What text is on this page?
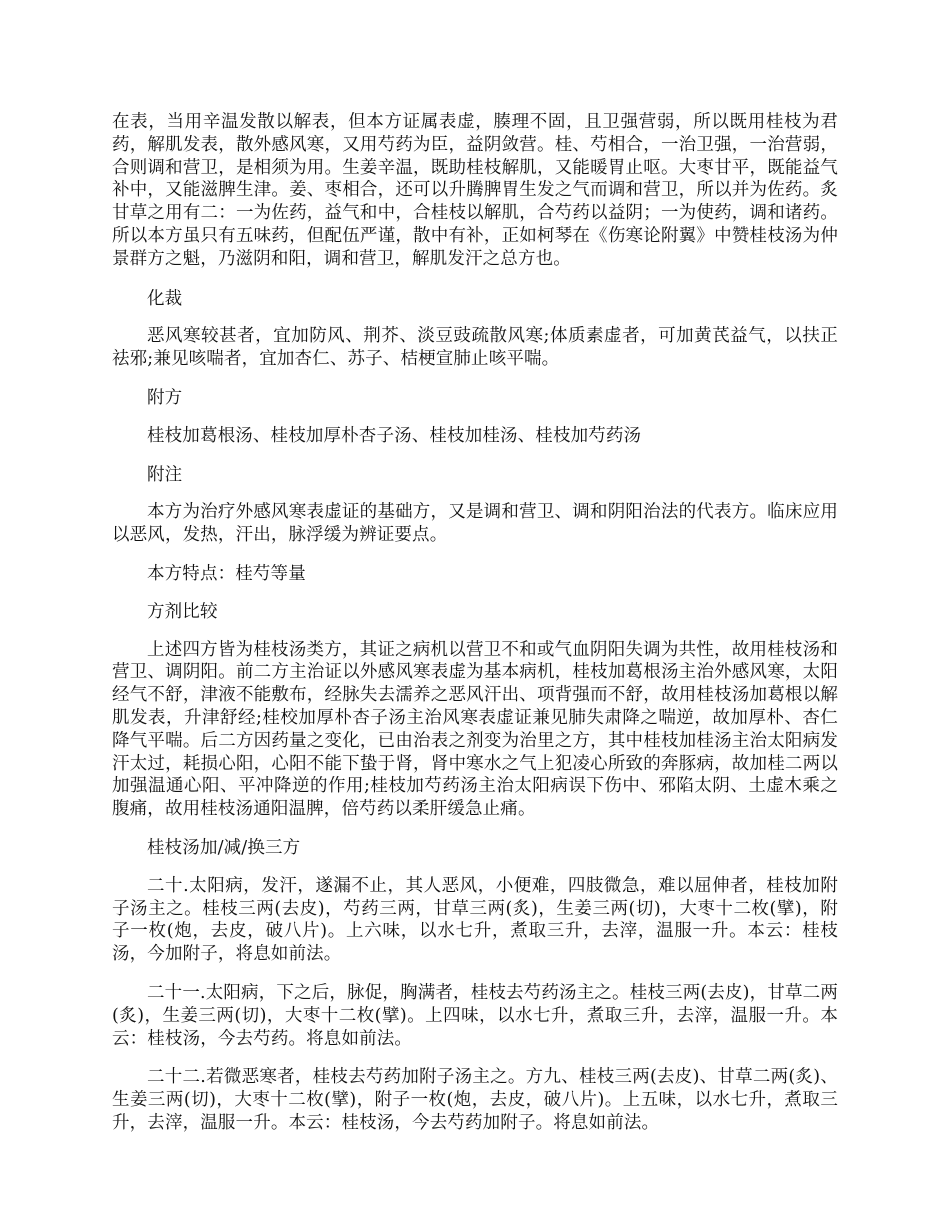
在表，当用辛温发散以解表，但本方证属表虚，腠理不固，且卫强营弱，所以既用桂枝为君药，解肌发表，散外感风寒，又用芍药为臣，益阴敛营。桂、芍相合，一治卫强，一治营弱，合则调和营卫，是相须为用。生姜辛温，既助桂枝解肌，又能暖胃止呕。大枣甘平，既能益气补中，又能滋脾生津。姜、枣相合，还可以升腾脾胃生发之气而调和营卫，所以并为佐药。炙甘草之用有二：一为佐药，益气和中，合桂枝以解肌，合芍药以益阴；一为使药，调和诸药。所以本方虽只有五味药，但配伍严谨，散中有补，正如柯琴在《伤寒论附翼》中赞桂枝汤为仲景群方之魁，乃滋阴和阳，调和营卫，解肌发汗之总方也。

化裁

恶风寒较甚者，宜加防风、荆芥、淡豆豉疏散风寒;体质素虚者，可加黄芪益气，以扶正祛邪;兼见咳喘者，宜加杏仁、苏子、桔梗宣肺止咳平喘。

附方

桂枝加葛根汤、桂枝加厚朴杏子汤、桂枝加桂汤、桂枝加芍药汤

附注

本方为治疗外感风寒表虚证的基础方，又是调和营卫、调和阴阳治法的代表方。临床应用以恶风，发热，汗出，脉浮缓为辨证要点。

本方特点：桂芍等量

方剂比较

上述四方皆为桂枝汤类方，其证之病机以营卫不和或气血阴阳失调为共性，故用桂枝汤和营卫、调阴阳。前二方主治证以外感风寒表虚为基本病机，桂枝加葛根汤主治外感风寒，太阳经气不舒，津液不能敷布，经脉失去濡养之恶风汗出、项背强而不舒，故用桂枝汤加葛根以解肌发表，升津舒经;桂校加厚朴杏子汤主治风寒表虚证兼见肺失肃降之喘逆，故加厚朴、杏仁降气平喘。后二方因药量之变化，已由治表之剂变为治里之方，其中桂枝加桂汤主治太阳病发汗太过，耗损心阳，心阳不能下蛰于肾，肾中寒水之气上犯凌心所致的奔豚病，故加桂二两以加强温通心阳、平冲降逆的作用;桂枝加芍药汤主治太阳病误下伤中、邪陷太阴、土虚木乘之腹痛，故用桂枝汤通阳温脾，倍芍药以柔肝缓急止痛。

桂枝汤加/减/换三方

二十.太阳病，发汗，遂漏不止，其人恶风，小便难，四肢微急，难以屈伸者，桂枝加附子汤主之。桂枝三两(去皮)，芍药三两，甘草三两(炙)，生姜三两(切)，大枣十二枚(擘)，附子一枚(炮，去皮，破八片)。上六味，以水七升，煮取三升，去滓，温服一升。本云：桂枝汤，今加附子，将息如前法。

二十一.太阳病，下之后，脉促，胸满者，桂枝去芍药汤主之。桂枝三两(去皮)，甘草二两(炙)，生姜三两(切)，大枣十二枚(擘)。上四味，以水七升，煮取三升，去滓，温服一升。本云：桂枝汤，今去芍药。将息如前法。

二十二.若微恶寒者，桂枝去芍药加附子汤主之。方九、桂枝三两(去皮)、甘草二两(炙)、生姜三两(切)，大枣十二枚(擘)，附子一枚(炮，去皮，破八片)。上五味，以水七升，煮取三升，去滓，温服一升。本云：桂枝汤，今去芍药加附子。将息如前法。
